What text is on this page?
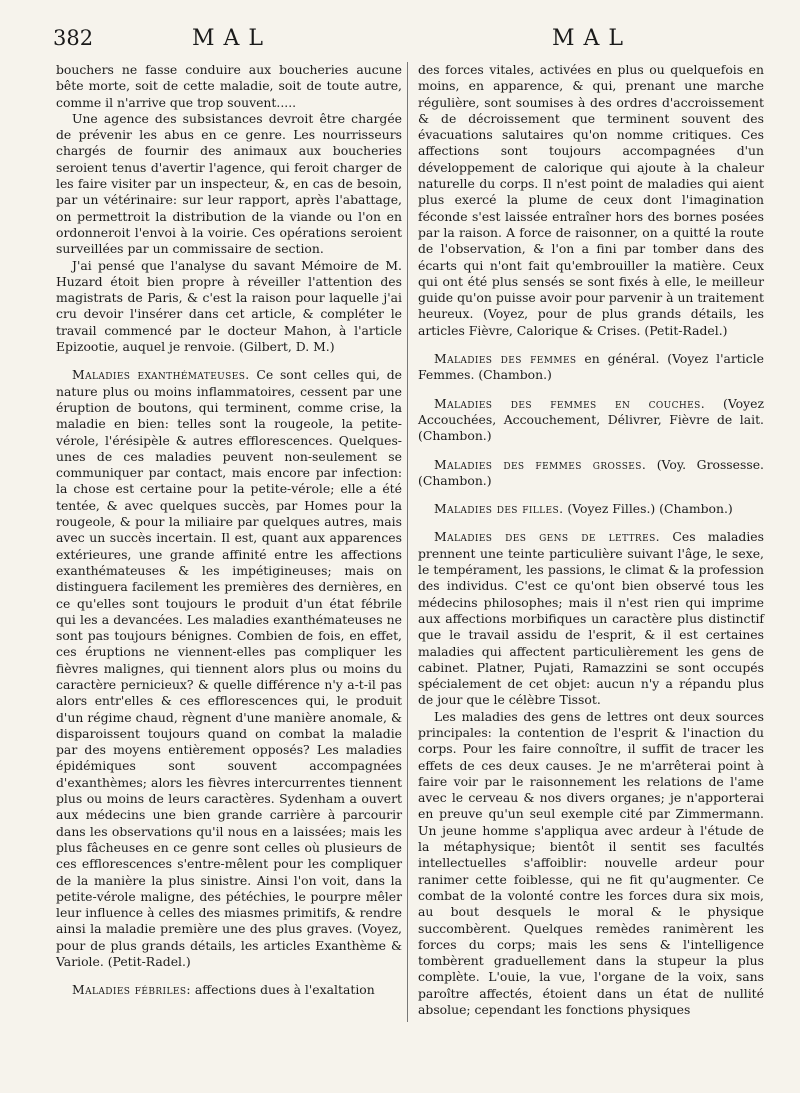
382	MAL	MAL

bouchers ne fasse conduire aux boucheries aucune bête morte, soit de cette maladie, soit de toute autre, comme il n'arrive que trop souvent.....

Une agence des subsistances devroit être chargée de prévenir les abus en ce genre. Les nourrisseurs chargés de fournir des animaux aux boucheries seroient tenus d'avertir l'agence, qui feroit charger de les faire visiter par un inspecteur, &, en cas de besoin, par un vétérinaire: sur leur rapport, après l'abattage, on permettroit la distribution de la viande ou l'on en ordonneroit l'envoi à la voirie. Ces opérations seroient surveillées par un commissaire de section.

J'ai pensé que l'analyse du savant Mémoire de M. Huzard étoit bien propre à réveiller l'attention des magistrats de Paris, & c'est la raison pour laquelle j'ai cru devoir l'insérer dans cet article, & compléter le travail commencé par le docteur Mahon, à l'article Epizootie, auquel je renvoie. (Gilbert, D. M.)

Maladies exanthémateuses. Ce sont celles qui, de nature plus ou moins inflammatoires, cessent par une éruption de boutons, qui terminent, comme crise, la maladie en bien: telles sont la rougeole, la petite-vérole, l'érésipèle & autres efflorescences. Quelques-unes de ces maladies peuvent non-seulement se communiquer par contact, mais encore par infection: la chose est certaine pour la petite-vérole; elle a été tentée, & avec quelques succès, par Homes pour la rougeole, & pour la miliaire par quelques autres, mais avec un succès incertain. Il est, quant aux apparences extérieures, une grande affinité entre les affections exanthémateuses & les impétigineuses; mais on distinguera facilement les premières des dernières, en ce qu'elles sont toujours le produit d'un état fébrile qui les a devancées. Les maladies exanthémateuses ne sont pas toujours bénignes. Combien de fois, en effet, ces éruptions ne viennent-elles pas compliquer les fièvres malignes, qui tiennent alors plus ou moins du caractère pernicieux? & quelle différence n'y a-t-il pas alors entr'elles & ces efflorescences qui, le produit d'un régime chaud, règnent d'une manière anomale, & disparoissent toujours quand on combat la maladie par des moyens entièrement opposés? Les maladies épidémiques sont souvent accompagnées d'exanthèmes; alors les fièvres intercurrentes tiennent plus ou moins de leurs caractères. Sydenham a ouvert aux médecins une bien grande carrière à parcourir dans les observations qu'il nous en a laissées; mais les plus fâcheuses en ce genre sont celles où plusieurs de ces efflorescences s'entre-mêlent pour les compliquer de la manière la plus sinistre. Ainsi l'on voit, dans la petite-vérole maligne, des pétéchies, le pourpre mêler leur influence à celles des miasmes primitifs, & rendre ainsi la maladie première une des plus graves. (Voyez, pour de plus grands détails, les articles Exanthème & Variole. (Petit-Radel.)

Maladies fébriles: affections dues à l'exaltation

des forces vitales, activées en plus ou quelquefois en moins, en apparence, & qui, prenant une marche régulière, sont soumises à des ordres d'accroissement & de décroissement que terminent souvent des évacuations salutaires qu'on nomme critiques. Ces affections sont toujours accompagnées d'un développement de calorique qui ajoute à la chaleur naturelle du corps. Il n'est point de maladies qui aient plus exercé la plume de ceux dont l'imagination féconde s'est laissée entraîner hors des bornes posées par la raison. A force de raisonner, on a quitté la route de l'observation, & l'on a fini par tomber dans des écarts qui n'ont fait qu'embrouiller la matière. Ceux qui ont été plus sensés se sont fixés à elle, le meilleur guide qu'on puisse avoir pour parvenir à un traitement heureux. (Voyez, pour de plus grands détails, les articles Fièvre, Calorique & Crises. (Petit-Radel.)

Maladies des femmes en général. (Voyez l'article Femmes. (Chambon.)

Maladies des femmes en couches. (Voyez Accouchées, Accouchement, Délivrer, Fièvre de lait. (Chambon.)

Maladies des femmes grosses. (Voy. Grossesse. (Chambon.)

Maladies des filles. (Voyez Filles.) (Chambon.)

Maladies des gens de lettres. Ces maladies prennent une teinte particulière suivant l'âge, le sexe, le tempérament, les passions, le climat & la profession des individus. C'est ce qu'ont bien observé tous les médecins philosophes; mais il n'est rien qui imprime aux affections morbifiques un caractère plus distinctif que le travail assidu de l'esprit, & il est certaines maladies qui affectent particulièrement les gens de cabinet. Platner, Pujati, Ramazzini se sont occupés spécialement de cet objet: aucun n'y a répandu plus de jour que le célèbre Tissot.

Les maladies des gens de lettres ont deux sources principales: la contention de l'esprit & l'inaction du corps. Pour les faire connoître, il suffit de tracer les effets de ces deux causes. Je ne m'arrêterai point à faire voir par le raisonnement les relations de l'ame avec le cerveau & nos divers organes; je n'apporterai en preuve qu'un seul exemple cité par Zimmermann. Un jeune homme s'appliqua avec ardeur à l'étude de la métaphysique; bientôt il sentit ses facultés intellectuelles s'affoiblir: nouvelle ardeur pour ranimer cette foiblesse, qui ne fit qu'augmenter. Ce combat de la volonté contre les forces dura six mois, au bout desquels le moral & le physique succombèrent. Quelques remèdes ranimèrent les forces du corps; mais les sens & l'intelligence tombèrent graduellement dans la stupeur la plus complète. L'ouie, la vue, l'organe de la voix, sans paroître affectés, étoient dans un état de nullité absolue; cependant les fonctions physiques
